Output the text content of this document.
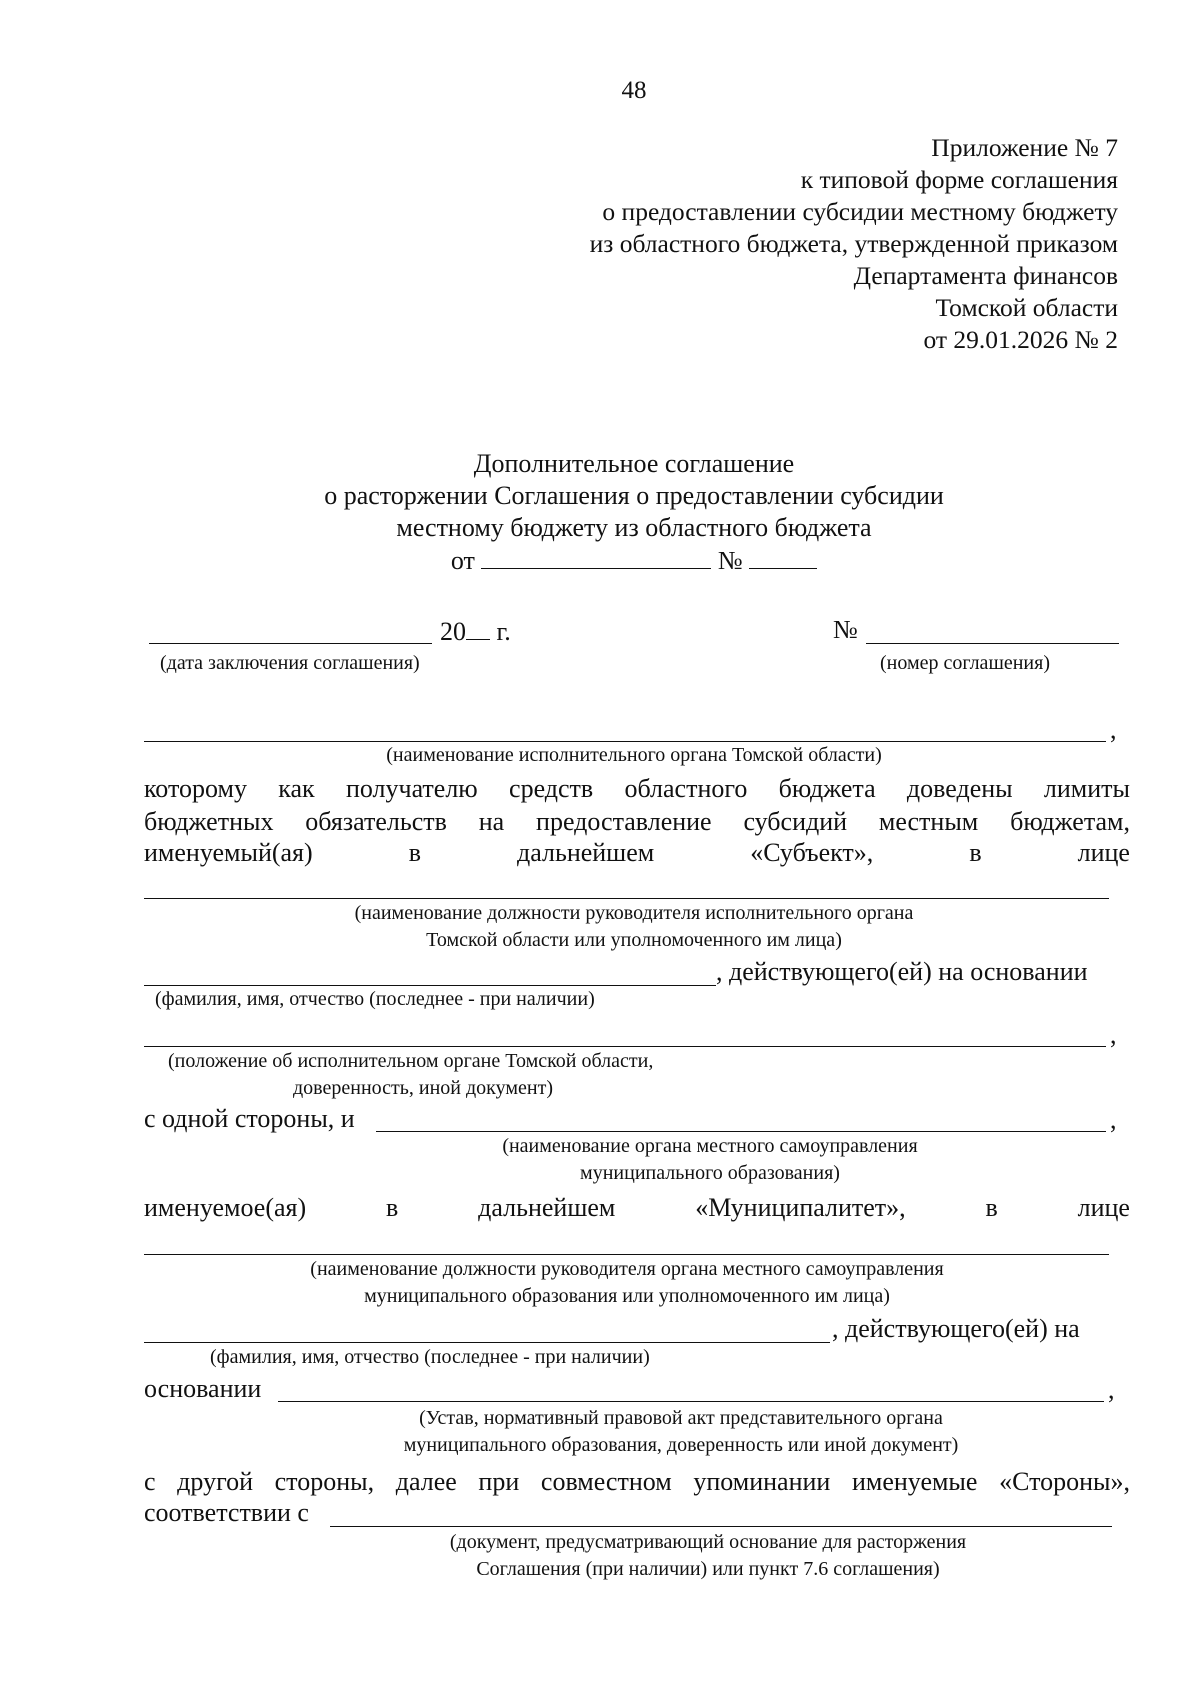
48
Приложение № 7
к типовой форме соглашения
о предоставлении субсидии местному бюджету
из областного бюджета, утвержденной приказом
Департамента финансов
Томской области
от 29.01.2026 № 2
Дополнительное соглашение
о расторжении Соглашения о предоставлении субсидии
местному бюджету из областного бюджета
от	№
20 г.	№
(дата заключения соглашения)	(номер соглашения)
,
(наименование исполнительного органа Томской области)
которому как получателю средств областного бюджета доведены лимиты
бюджетных обязательств на предоставление субсидий местным бюджетам,
именуемый(ая)	в	дальнейшем	«Субъект»,	в	лице
(наименование должности руководителя исполнительного органа
Томской области или уполномоченного им лица)
, действующего(ей) на основании
(фамилия, имя, отчество (последнее - при наличии)
,
(положение об исполнительном органе Томской области,
доверенность, иной документ)
с одной стороны, и	,
(наименование органа местного самоуправления
муниципального образования)
именуемое(ая)	в	дальнейшем	«Муниципалитет»,	в	лице
(наименование должности руководителя органа местного самоуправления
муниципального образования или уполномоченного им лица)
, действующего(ей) на
(фамилия, имя, отчество (последнее - при наличии)
основании	,
(Устав, нормативный правовой акт представительного органа
муниципального образования, доверенность или иной документ)
с другой стороны, далее при совместном упоминании именуемые «Стороны»,
соответствии с
(документ, предусматривающий основание для расторжения
Соглашения (при наличии) или пункт 7.6 соглашения)
